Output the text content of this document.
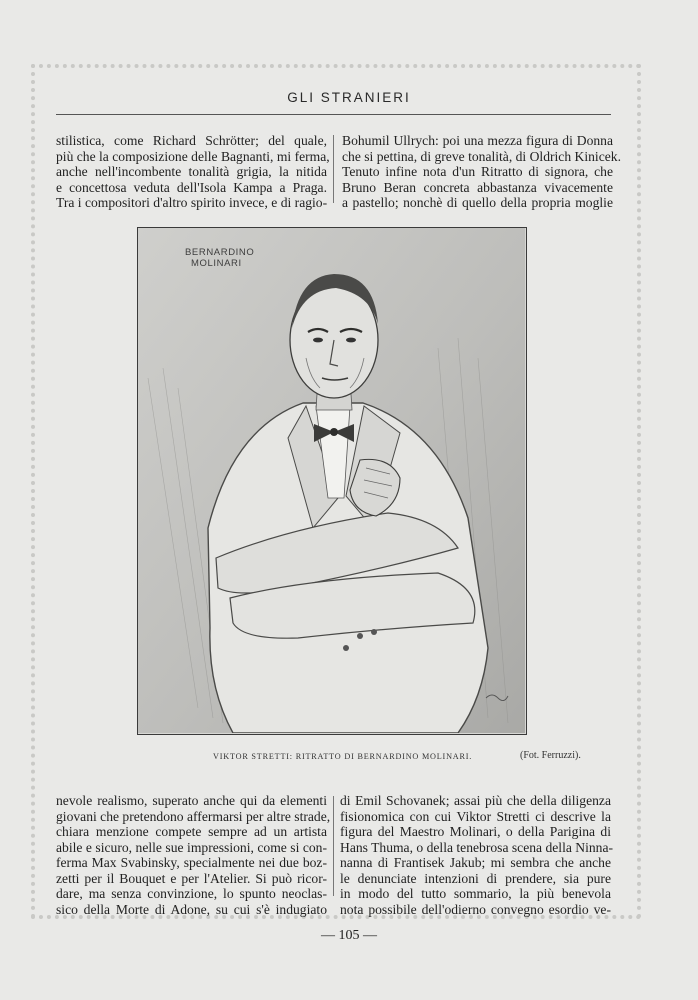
GLI STRANIERI
stilistica, come Richard Schrötter; del quale,
più che la composizione delle Bagnanti, mi ferma,
anche nell'incombente tonalità grigia, la nitida
e concettosa veduta dell'Isola Kampa a Praga.
Tra i compositori d'altro spirito invece, e di ragio-
Bohumil Ullrych: poi una mezza figura di Donna
che si pettina, di greve tonalità, di Oldrich Kinicek.
Tenuto infine nota d'un Ritratto di signora, che
Bruno Beran concreta abbastanza vivacemente
a pastello; nonchè di quello della propria moglie
BERNARDINO
MOLINARI
VIKTOR STRETTI: RITRATTO DI BERNARDINO MOLINARI.	(Fot. Ferruzzi).
nevole realismo, superato anche qui da elementi
giovani che pretendono affermarsi per altre strade,
chiara menzione compete sempre ad un artista
abile e sicuro, nelle sue impressioni, come si con-
ferma Max Svabinsky, specialmente nei due boz-
zetti per il Bouquet e per l'Atelier. Si può ricor-
dare, ma senza convinzione, lo spunto neoclas-
sico della Morte di Adone, su cui s'è indugiato
di Emil Schovanek; assai più che della diligenza
fisionomica con cui Viktor Stretti ci descrive la
figura del Maestro Molinari, o della Parigina di
Hans Thuma, o della tenebrosa scena della Ninna-
nanna di Frantisek Jakub; mi sembra che anche
le denunciate intenzioni di prendere, sia pure
in modo del tutto sommario, la più benevola
nota possibile dell'odierno convegno esordio ve-
— 105 —
